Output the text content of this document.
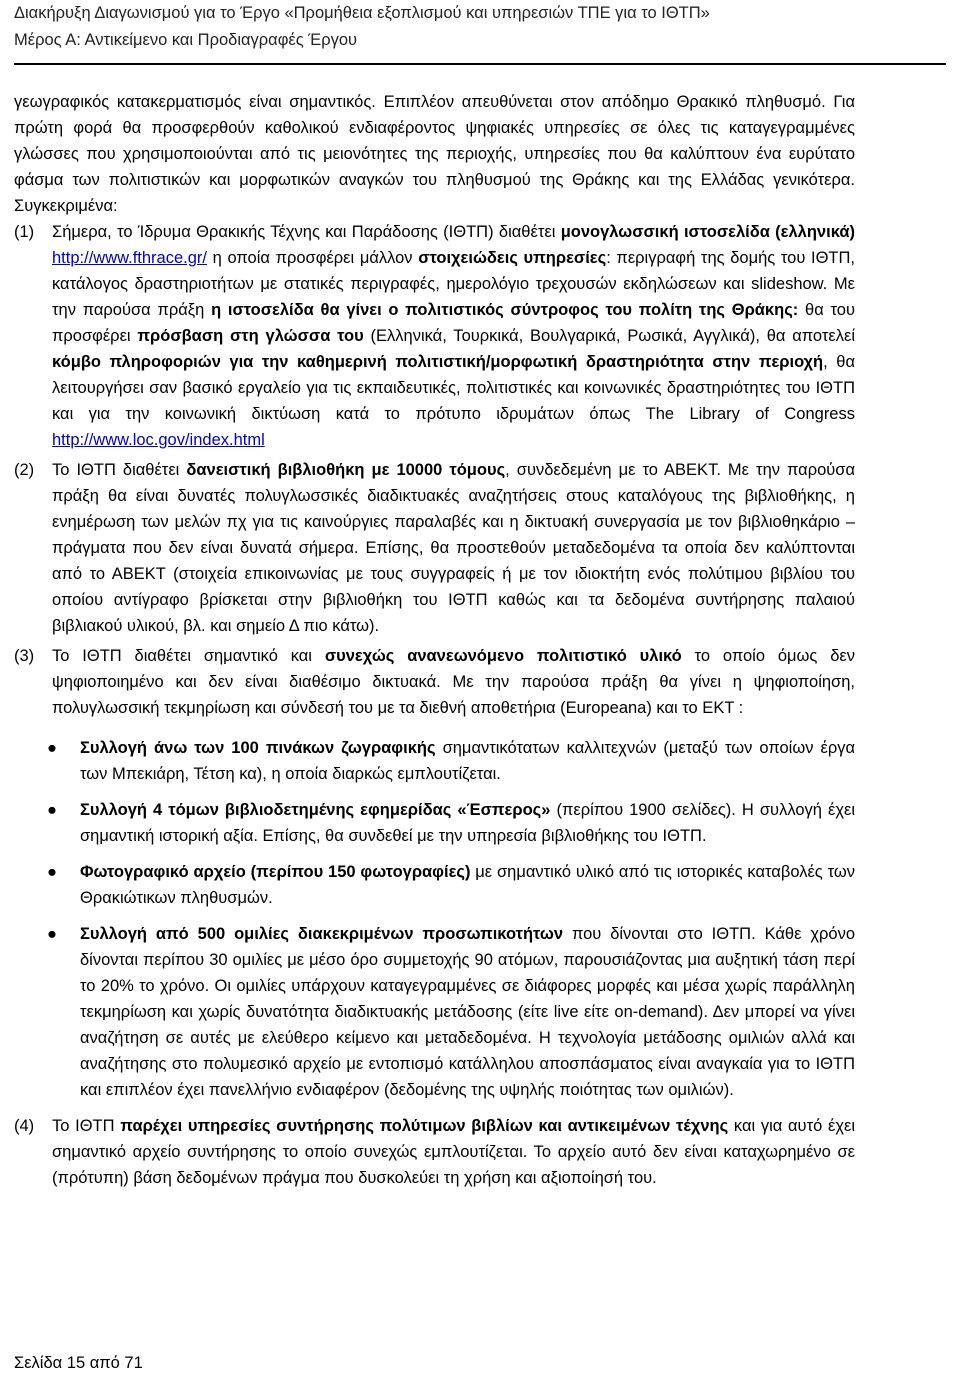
Διακήρυξη Διαγωνισμού για το Έργο «Προμήθεια εξοπλισμού και υπηρεσιών ΤΠΕ για το ΙΘΤΠ»
Μέρος Α: Αντικείμενο και Προδιαγραφές Έργου

γεωγραφικός κατακερματισμός είναι σημαντικός. Επιπλέον απευθύνεται στον απόδημο Θρακικό πληθυσμό. Για πρώτη φορά θα προσφερθούν καθολικού ενδιαφέροντος ψηφιακές υπηρεσίες σε όλες τις καταγεγραμμένες γλώσσες που χρησιμοποιούνται από τις μειονότητες της περιοχής, υπηρεσίες που θα καλύπτουν ένα ευρύτατο φάσμα των πολιτιστικών και μορφωτικών αναγκών του πληθυσμού της Θράκης και της Ελλάδας γενικότερα. Συγκεκριμένα:

(1)	Σήμερα, το Ίδρυμα Θρακικής Τέχνης και Παράδοσης (ΙΘΤΠ) διαθέτει μονογλωσσική ιστοσελίδα (ελληνικά) http://www.fthrace.gr/ η οποία προσφέρει μάλλον στοιχειώδεις υπηρεσίες: περιγραφή της δομής του ΙΘΤΠ, κατάλογος δραστηριοτήτων με στατικές περιγραφές, ημερολόγιο τρεχουσών εκδηλώσεων και slideshow. Με την παρούσα πράξη η ιστοσελίδα θα γίνει ο πολιτιστικός σύντροφος του πολίτη της Θράκης: θα του προσφέρει πρόσβαση στη γλώσσα του (Ελληνικά, Τουρκικά, Βουλγαρικά, Ρωσικά, Αγγλικά), θα αποτελεί κόμβο πληροφοριών για την καθημερινή πολιτιστική/μορφωτική δραστηριότητα στην περιοχή, θα λειτουργήσει σαν βασικό εργαλείο για τις εκπαιδευτικές, πολιτιστικές και κοινωνικές δραστηριότητες του ΙΘΤΠ και για την κοινωνική δικτύωση κατά το πρότυπο ιδρυμάτων όπως The Library of Congress http://www.loc.gov/index.html
(2)	Το ΙΘΤΠ διαθέτει δανειστική βιβλιοθήκη με 10000 τόμους, συνδεδεμένη με το ΑΒΕΚΤ. Με την παρούσα πράξη θα είναι δυνατές πολυγλωσσικές διαδικτυακές αναζητήσεις στους καταλόγους της βιβλιοθήκης, η ενημέρωση των μελών πχ για τις καινούργιες παραλαβές και η δικτυακή συνεργασία με τον βιβλιοθηκάριο – πράγματα που δεν είναι δυνατά σήμερα. Επίσης, θα προστεθούν μεταδεδομένα τα οποία δεν καλύπτονται από το ΑΒΕΚΤ (στοιχεία επικοινωνίας με τους συγγραφείς ή με τον ιδιοκτήτη ενός πολύτιμου βιβλίου του οποίου αντίγραφο βρίσκεται στην βιβλιοθήκη του ΙΘΤΠ καθώς και τα δεδομένα συντήρησης παλαιού βιβλιακού υλικού, βλ. και σημείο Δ πιο κάτω).
(3)	Το ΙΘΤΠ διαθέτει σημαντικό και συνεχώς ανανεωνόμενο πολιτιστικό υλικό το οποίο όμως δεν ψηφιοποιημένο και δεν είναι διαθέσιμο δικτυακά. Με την παρούσα πράξη θα γίνει η ψηφιοποίηση, πολυγλωσσική τεκμηρίωση και σύνδεσή του με τα διεθνή αποθετήρια (Europeana) και το ΕΚΤ :
●	Συλλογή άνω των 100 πινάκων ζωγραφικής σημαντικότατων καλλιτεχνών (μεταξύ των οποίων έργα των Μπεκιάρη, Τέτση κα), η οποία διαρκώς εμπλουτίζεται.
●	Συλλογή 4 τόμων βιβλιοδετημένης εφημερίδας «Έσπερος» (περίπου 1900 σελίδες). Η συλλογή έχει σημαντική ιστορική αξία. Επίσης, θα συνδεθεί με την υπηρεσία βιβλιοθήκης του ΙΘΤΠ.
●	Φωτογραφικό αρχείο (περίπου 150 φωτογραφίες) με σημαντικό υλικό από τις ιστορικές καταβολές των Θρακιώτικων πληθυσμών.
●	Συλλογή από 500 ομιλίες διακεκριμένων προσωπικοτήτων που δίνονται στο ΙΘΤΠ. Κάθε χρόνο δίνονται περίπου 30 ομιλίες με μέσο όρο συμμετοχής 90 ατόμων, παρουσιάζοντας μια αυξητική τάση περί το 20% το χρόνο. Οι ομιλίες υπάρχουν καταγεγραμμένες σε διάφορες μορφές και μέσα χωρίς παράλληλη τεκμηρίωση και χωρίς δυνατότητα διαδικτυακής μετάδοσης (είτε live είτε on-demand). Δεν μπορεί να γίνει αναζήτηση σε αυτές με ελεύθερο κείμενο και μεταδεδομένα. Η τεχνολογία μετάδοσης ομιλιών αλλά και αναζήτησης στο πολυμεσικό αρχείο με εντοπισμό κατάλληλου αποσπάσματος είναι αναγκαία για το ΙΘΤΠ και επιπλέον έχει πανελλήνιο ενδιαφέρον (δεδομένης της υψηλής ποιότητας των ομιλιών).
(4)	Το ΙΘΤΠ παρέχει υπηρεσίες συντήρησης πολύτιμων βιβλίων και αντικειμένων τέχνης και για αυτό έχει σημαντικό αρχείο συντήρησης το οποίο συνεχώς εμπλουτίζεται. Το αρχείο αυτό δεν είναι καταχωρημένο σε (πρότυπη) βάση δεδομένων πράγμα που δυσκολεύει τη χρήση και αξιοποίησή του.
Σελίδα 15 από 71
